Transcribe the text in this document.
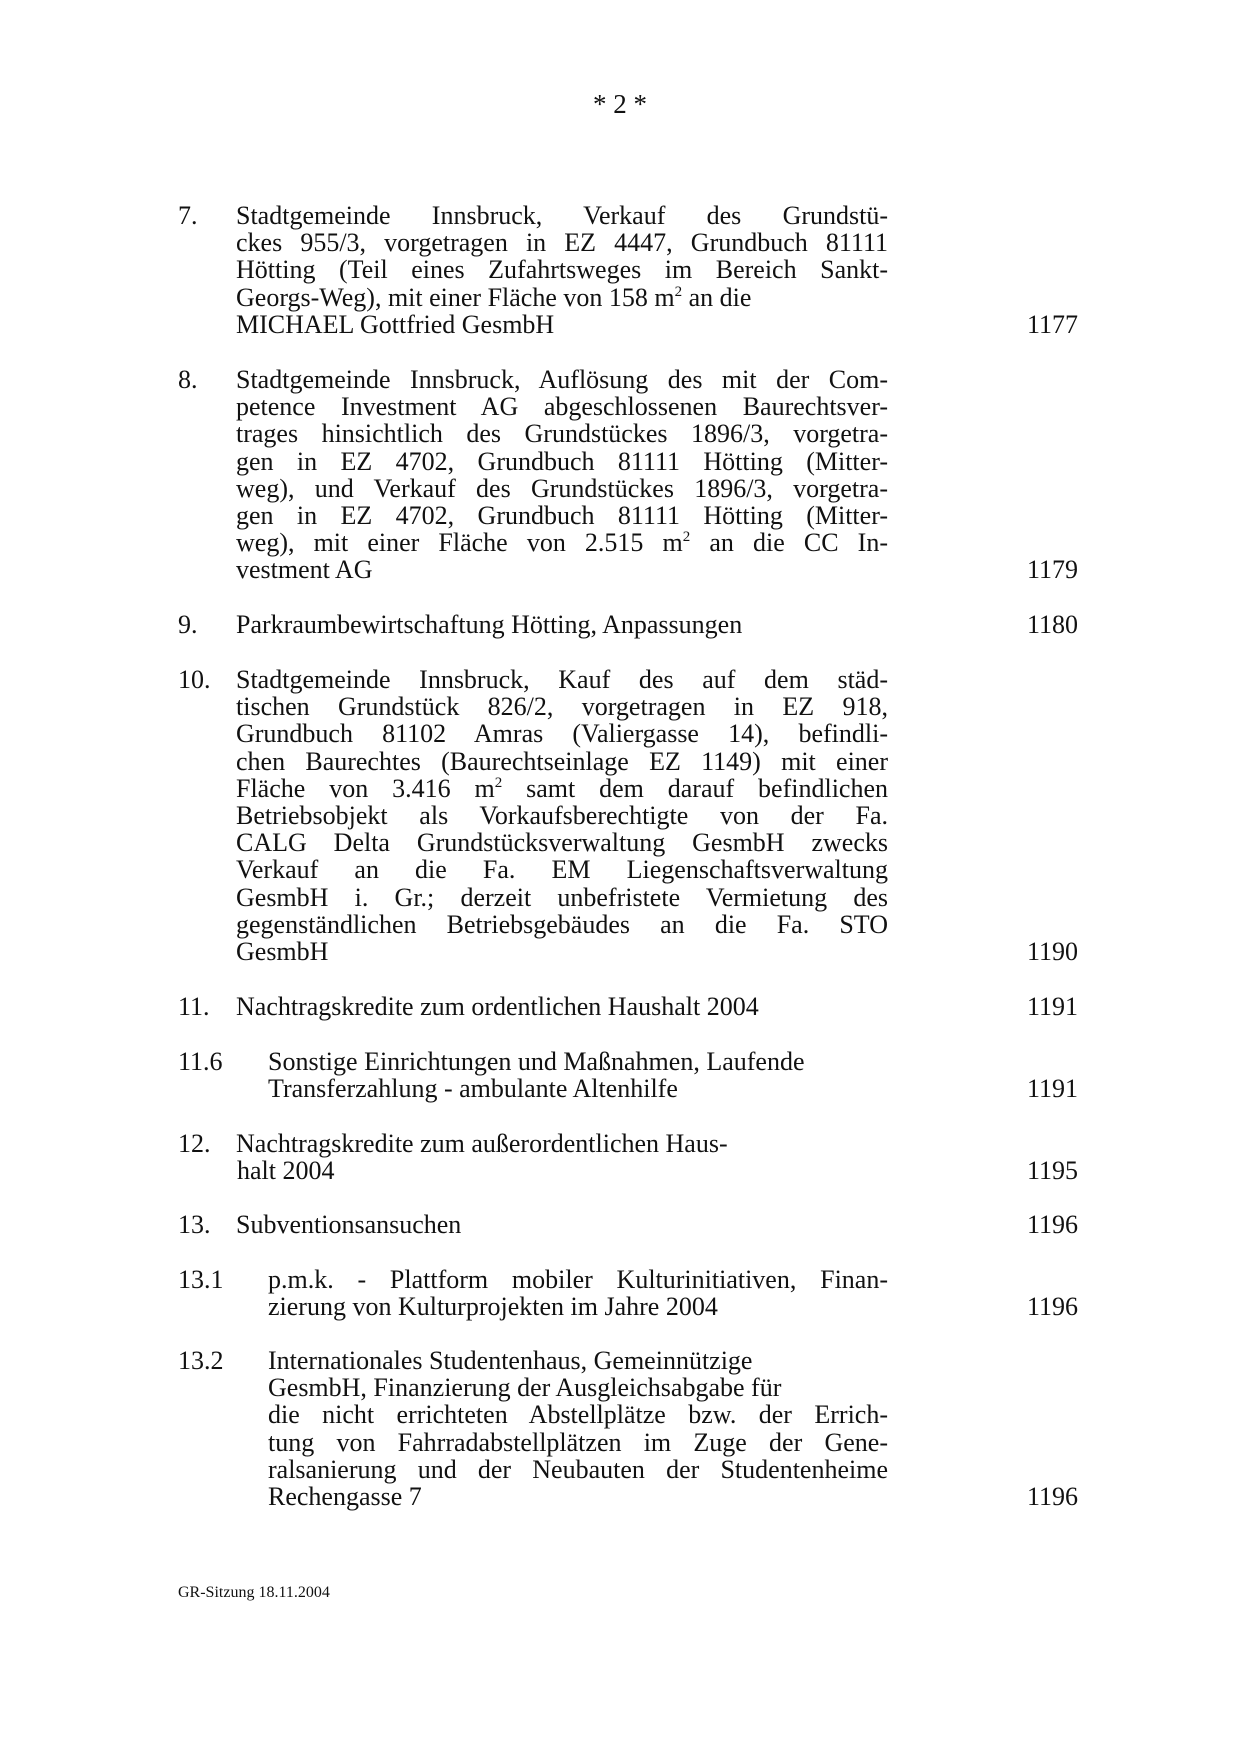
* 2 *
7. Stadtgemeinde Innsbruck, Verkauf des Grundstü-
ckes 955/3, vorgetragen in EZ 4447, Grundbuch 81111
Hötting (Teil eines Zufahrtsweges im Bereich Sankt-
Georgs-Weg), mit einer Fläche von 158 $m^2$ an die
MICHAEL Gottfried GesmbH	1177
8. Stadtgemeinde Innsbruck, Auflösung des mit der Com-
petence Investment AG abgeschlossenen Baurechtsver-
trages hinsichtlich des Grundstückes 1896/3, vorgetra-
gen in EZ 4702, Grundbuch 81111 Hötting (Mitter-
weg), und Verkauf des Grundstückes 1896/3, vorgetra-
gen in EZ 4702, Grundbuch 81111 Hötting (Mitter-
weg), mit einer Fläche von 2.515 $m^2$ an die CC In-
vestment AG	1179
9. Parkraumbewirtschaftung Hötting, Anpassungen	1180
10. Stadtgemeinde Innsbruck, Kauf des auf dem städ-
tischen Grundstück 826/2, vorgetragen in EZ 918,
Grundbuch 81102 Amras (Valiergasse 14), befindli-
chen Baurechtes (Baurechtseinlage EZ 1149) mit einer
Fläche von 3.416 $m^2$ samt dem darauf befindlichen
Betriebsobjekt als Vorkaufsberechtigte von der Fa.
CALG Delta Grundstücksverwaltung GesmbH zwecks
Verkauf an die Fa. EM Liegenschaftsverwaltung
GesmbH i. Gr.; derzeit unbefristete Vermietung des
gegenständlichen Betriebsgebäudes an die Fa. STO
GesmbH	1190
11. Nachtragskredite zum ordentlichen Haushalt 2004	1191
11.6 Sonstige Einrichtungen und Maßnahmen, Laufende
Transferzahlung - ambulante Altenhilfe	1191
12. Nachtragskredite zum außerordentlichen Haus-
halt 2004	1195
13. Subventionsansuchen	1196
13.1 p.m.k. - Plattform mobiler Kulturinitiativen, Finan-
zierung von Kulturprojekten im Jahre 2004	1196
13.2 Internationales Studentenhaus, Gemeinnützige
GesmbH, Finanzierung der Ausgleichsabgabe für
die nicht errichteten Abstellplätze bzw. der Errich-
tung von Fahrradabstellplätzen im Zuge der Gene-
ralsanierung und der Neubauten der Studentenheime
Rechengasse 7	1196
GR-Sitzung 18.11.2004
